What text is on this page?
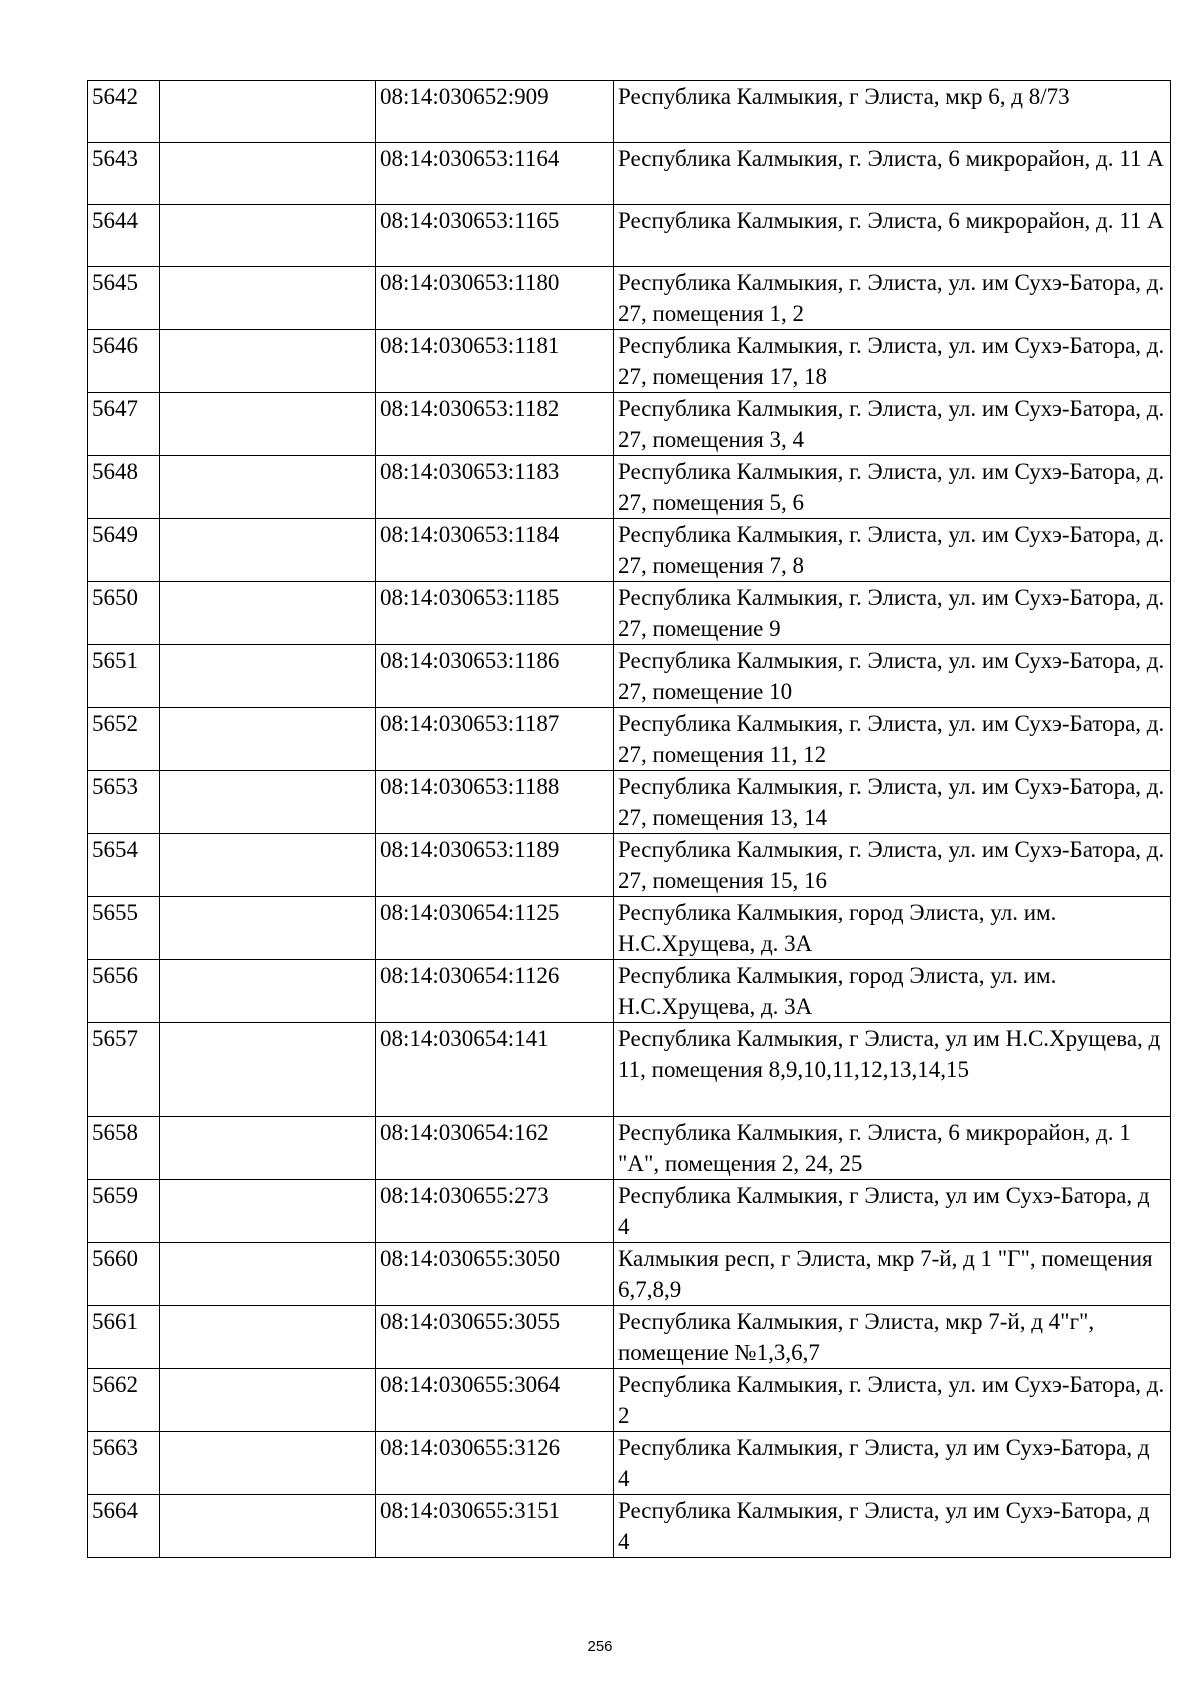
5642		08:14:030652:909	Республика Калмыкия, г Элиста, мкр 6, д 8/73
5643		08:14:030653:1164	Республика Калмыкия, г. Элиста, 6 микрорайон, д. 11 А
5644		08:14:030653:1165	Республика Калмыкия, г. Элиста, 6 микрорайон, д. 11 А
5645		08:14:030653:1180	Республика Калмыкия, г. Элиста, ул. им Сухэ-Батора, д. 27, помещения 1, 2
5646		08:14:030653:1181	Республика Калмыкия, г. Элиста, ул. им Сухэ-Батора, д. 27, помещения 17, 18
5647		08:14:030653:1182	Республика Калмыкия, г. Элиста, ул. им Сухэ-Батора, д. 27, помещения 3, 4
5648		08:14:030653:1183	Республика Калмыкия, г. Элиста, ул. им Сухэ-Батора, д. 27, помещения 5, 6
5649		08:14:030653:1184	Республика Калмыкия, г. Элиста, ул. им Сухэ-Батора, д. 27, помещения 7, 8
5650		08:14:030653:1185	Республика Калмыкия, г. Элиста, ул. им Сухэ-Батора, д. 27, помещение 9
5651		08:14:030653:1186	Республика Калмыкия, г. Элиста, ул. им Сухэ-Батора, д. 27, помещение 10
5652		08:14:030653:1187	Республика Калмыкия, г. Элиста, ул. им Сухэ-Батора, д. 27, помещения 11, 12
5653		08:14:030653:1188	Республика Калмыкия, г. Элиста, ул. им Сухэ-Батора, д. 27, помещения 13, 14
5654		08:14:030653:1189	Республика Калмыкия, г. Элиста, ул. им Сухэ-Батора, д. 27, помещения 15, 16
5655		08:14:030654:1125	Республика Калмыкия, город Элиста, ул. им. Н.С.Хрущева, д. 3А
5656		08:14:030654:1126	Республика Калмыкия, город Элиста, ул. им. Н.С.Хрущева, д. 3А
5657		08:14:030654:141	Республика Калмыкия, г Элиста, ул им Н.С.Хрущева, д 11, помещения 8,9,10,11,12,13,14,15
5658		08:14:030654:162	Республика Калмыкия, г. Элиста, 6 микрорайон, д. 1 "А", помещения 2, 24, 25
5659		08:14:030655:273	Республика Калмыкия, г Элиста, ул им Сухэ-Батора, д 4
5660		08:14:030655:3050	Калмыкия респ, г Элиста, мкр 7-й, д 1 "Г", помещения 6,7,8,9
5661		08:14:030655:3055	Республика Калмыкия, г Элиста, мкр 7-й, д 4"г", помещение №1,3,6,7
5662		08:14:030655:3064	Республика Калмыкия, г. Элиста, ул. им Сухэ-Батора, д. 2
5663		08:14:030655:3126	Республика Калмыкия, г Элиста, ул им Сухэ-Батора, д 4
5664		08:14:030655:3151	Республика Калмыкия, г Элиста, ул им Сухэ-Батора, д 4
256
